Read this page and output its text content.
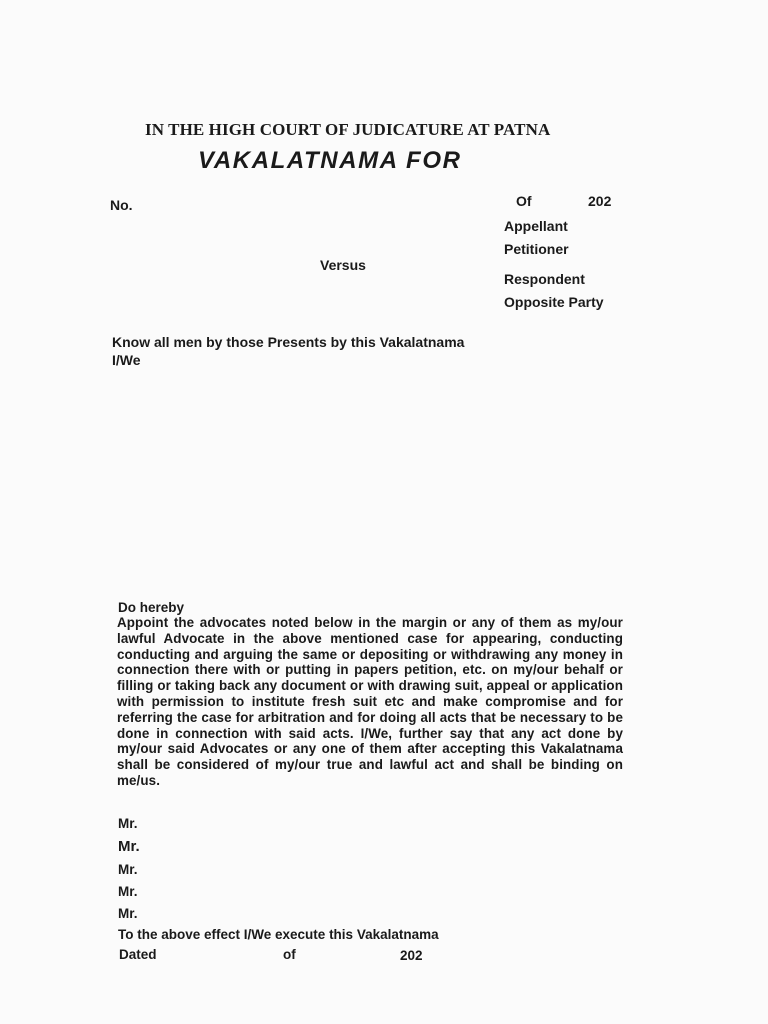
IN THE HIGH COURT OF JUDICATURE AT PATNA
VAKALATNAMA FOR
No.	Of	202
Appellant
Petitioner
Versus
Respondent
Opposite Party
Know all men by those Presents by this Vakalatnama
I/We
Do hereby
Appoint the advocates noted below in the margin or any of them as my/our lawful Advocate in the above mentioned case for appearing, conducting conducting and arguing the same or depositing or withdrawing any money in connection there with or putting in papers petition, etc. on my/our behalf or filling or taking back any document or with drawing suit, appeal or application with permission to institute fresh suit etc and make compromise and for referring the case for arbitration and for doing all acts that be necessary to be done in connection with said acts. I/We, further say that any act done by my/our said Advocates or any one of them after accepting this Vakalatnama shall be considered of my/our true and lawful act and shall be binding on me/us.
Mr.
Mr.
Mr.
Mr.
Mr.
To the above effect I/We execute this Vakalatnama
Dated	of	202
